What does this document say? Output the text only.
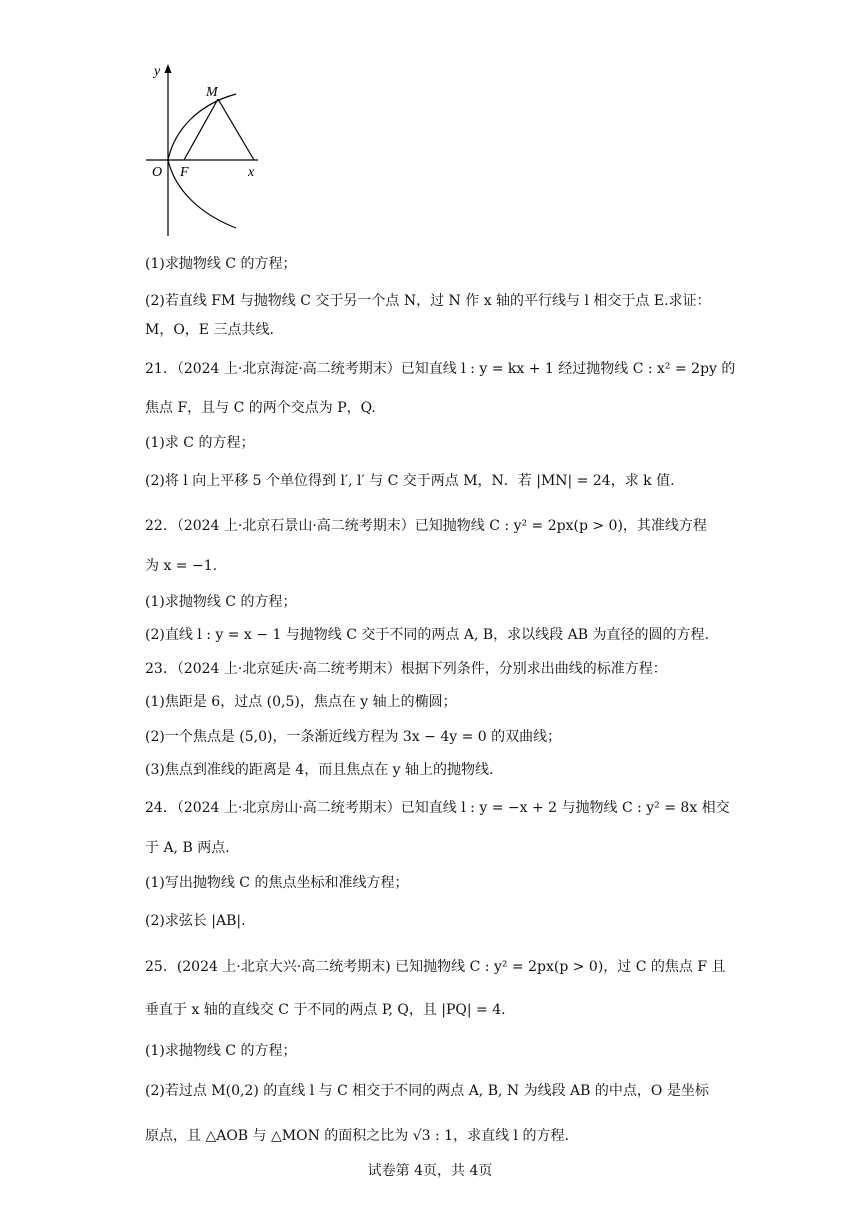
y
x
O F
M
(1)求抛物线 C 的方程；
(2)若直线 FM 与抛物线 C 交于另一个点 N，过 N 作 x 轴的平行线与 l 相交于点 E.求证：
M，O，E 三点共线.
21．（2024 上·北京海淀·高二统考期末）已知直线 l : y = kx + 1 经过抛物线 C : x² = 2py 的
焦点 F，且与 C 的两个交点为 P，Q.
(1)求 C 的方程；
(2)将 l 向上平移 5 个单位得到 l′, l′ 与 C 交于两点 M，N．若 |MN| = 24，求 k 值.
22．（2024 上·北京石景山·高二统考期末）已知抛物线 C : y² = 2px(p > 0)，其准线方程
为 x = −1.
(1)求抛物线 C 的方程；
(2)直线 l : y = x − 1 与抛物线 C 交于不同的两点 A, B，求以线段 AB 为直径的圆的方程.
23．（2024 上·北京延庆·高二统考期末）根据下列条件，分别求出曲线的标准方程：
(1)焦距是 6，过点 (0,5)，焦点在 y 轴上的椭圆；
(2)一个焦点是 (5,0)，一条渐近线方程为 3x − 4y = 0 的双曲线；
(3)焦点到准线的距离是 4，而且焦点在 y 轴上的抛物线.
24．（2024 上·北京房山·高二统考期末）已知直线 l : y = −x + 2 与抛物线 C : y² = 8x 相交
于 A, B 两点.
(1)写出抛物线 C 的焦点坐标和准线方程；
(2)求弦长 |AB|.
25．(2024 上·北京大兴·高二统考期末) 已知抛物线 C : y² = 2px(p > 0)，过 C 的焦点 F 且
垂直于 x 轴的直线交 C 于不同的两点 P, Q，且 |PQ| = 4.
(1)求抛物线 C 的方程；
(2)若过点 M(0,2) 的直线 l 与 C 相交于不同的两点 A, B, N 为线段 AB 的中点，O 是坐标
原点，且 △AOB 与 △MON 的面积之比为 √3 : 1，求直线 l 的方程.
试卷第 4页，共 4页
